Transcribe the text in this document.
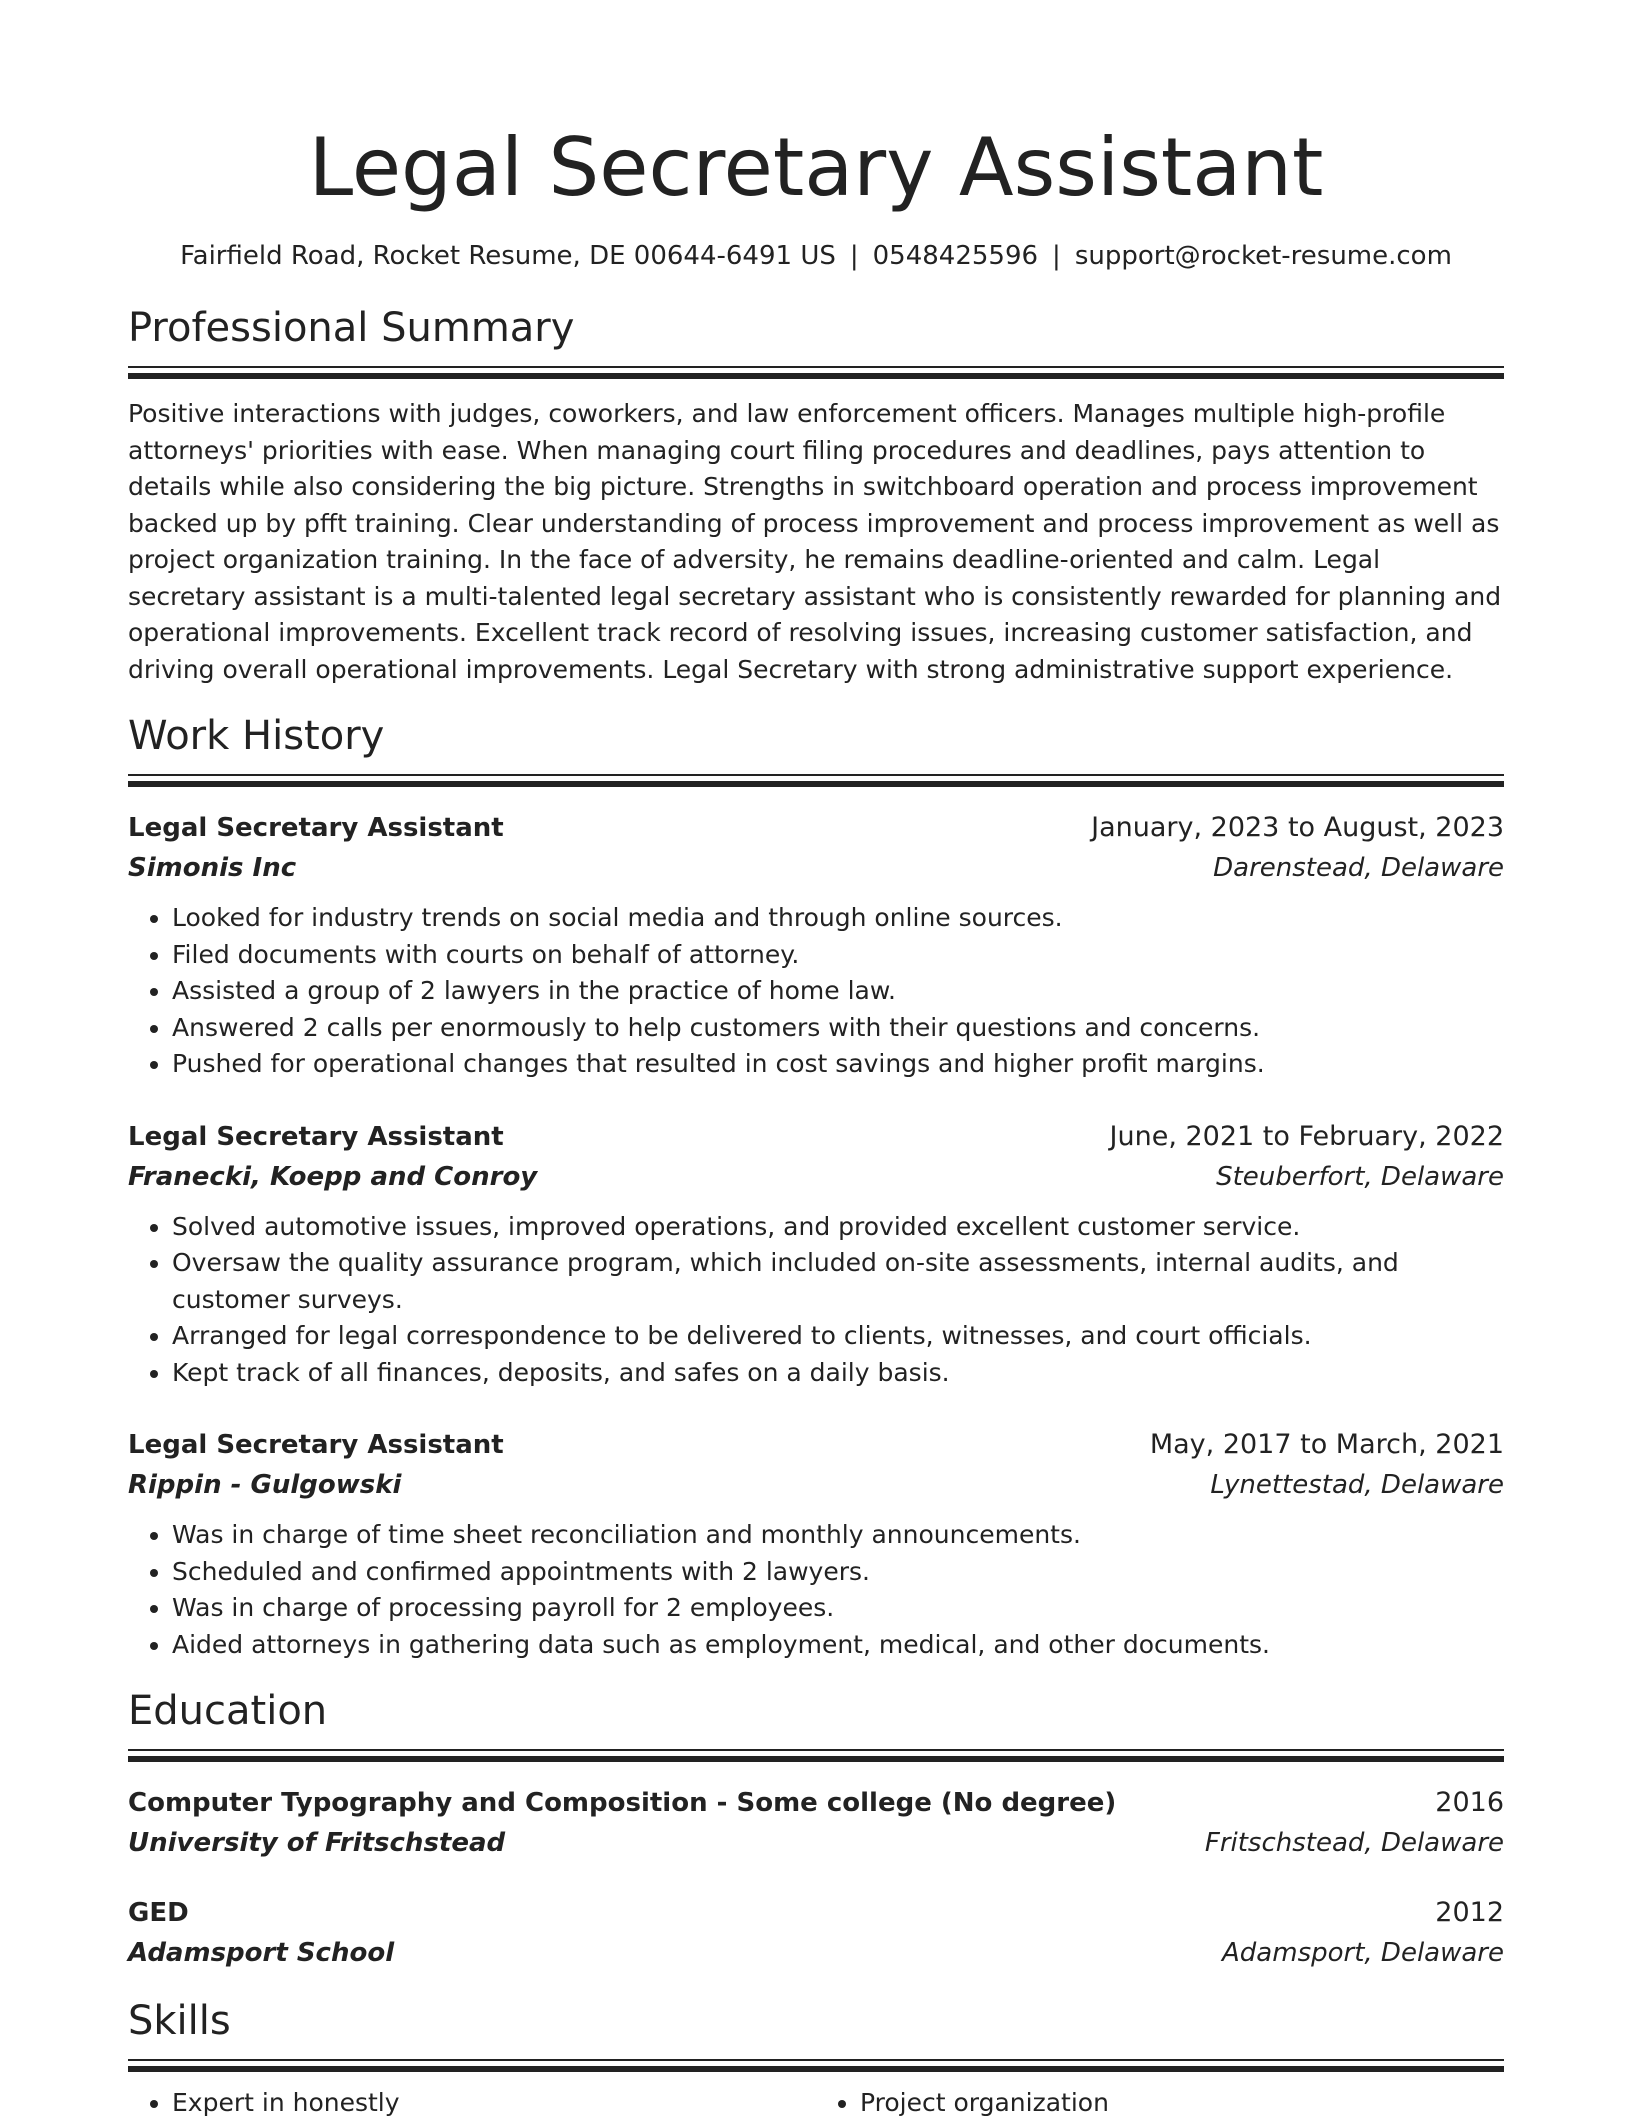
Legal Secretary Assistant
Fairfield Road, Rocket Resume, DE 00644-6491 US | 0548425596 | support@rocket-resume.com
Professional Summary

Positive interactions with judges, coworkers, and law enforcement officers. Manages multiple high-profile attorneys' priorities with ease. When managing court filing procedures and deadlines, pays attention to details while also considering the big picture. Strengths in switchboard operation and process improvement backed up by pfft training. Clear understanding of process improvement and process improvement as well as project organization training. In the face of adversity, he remains deadline-oriented and calm. Legal secretary assistant is a multi-talented legal secretary assistant who is consistently rewarded for planning and operational improvements. Excellent track record of resolving issues, increasing customer satisfaction, and driving overall operational improvements. Legal Secretary with strong administrative support experience.

Work History
Legal Secretary Assistant	January, 2023 to August, 2023
Simonis Inc	Darenstead, Delaware
• Looked for industry trends on social media and through online sources.
• Filed documents with courts on behalf of attorney.
• Assisted a group of 2 lawyers in the practice of home law.
• Answered 2 calls per enormously to help customers with their questions and concerns.
• Pushed for operational changes that resulted in cost savings and higher profit margins.
Legal Secretary Assistant	June, 2021 to February, 2022
Franecki, Koepp and Conroy	Steuberfort, Delaware
• Solved automotive issues, improved operations, and provided excellent customer service.
• Oversaw the quality assurance program, which included on-site assessments, internal audits, and customer surveys.
• Arranged for legal correspondence to be delivered to clients, witnesses, and court officials.
• Kept track of all finances, deposits, and safes on a daily basis.
Legal Secretary Assistant	May, 2017 to March, 2021
Rippin - Gulgowski	Lynettestad, Delaware
• Was in charge of time sheet reconciliation and monthly announcements.
• Scheduled and confirmed appointments with 2 lawyers.
• Was in charge of processing payroll for 2 employees.
• Aided attorneys in gathering data such as employment, medical, and other documents.
Education
Computer Typography and Composition - Some college (No degree)	2016
University of Fritschstead	Fritschstead, Delaware
GED	2012
Adamsport School	Adamsport, Delaware
Skills
• Expert in honestly
•	Project organization
